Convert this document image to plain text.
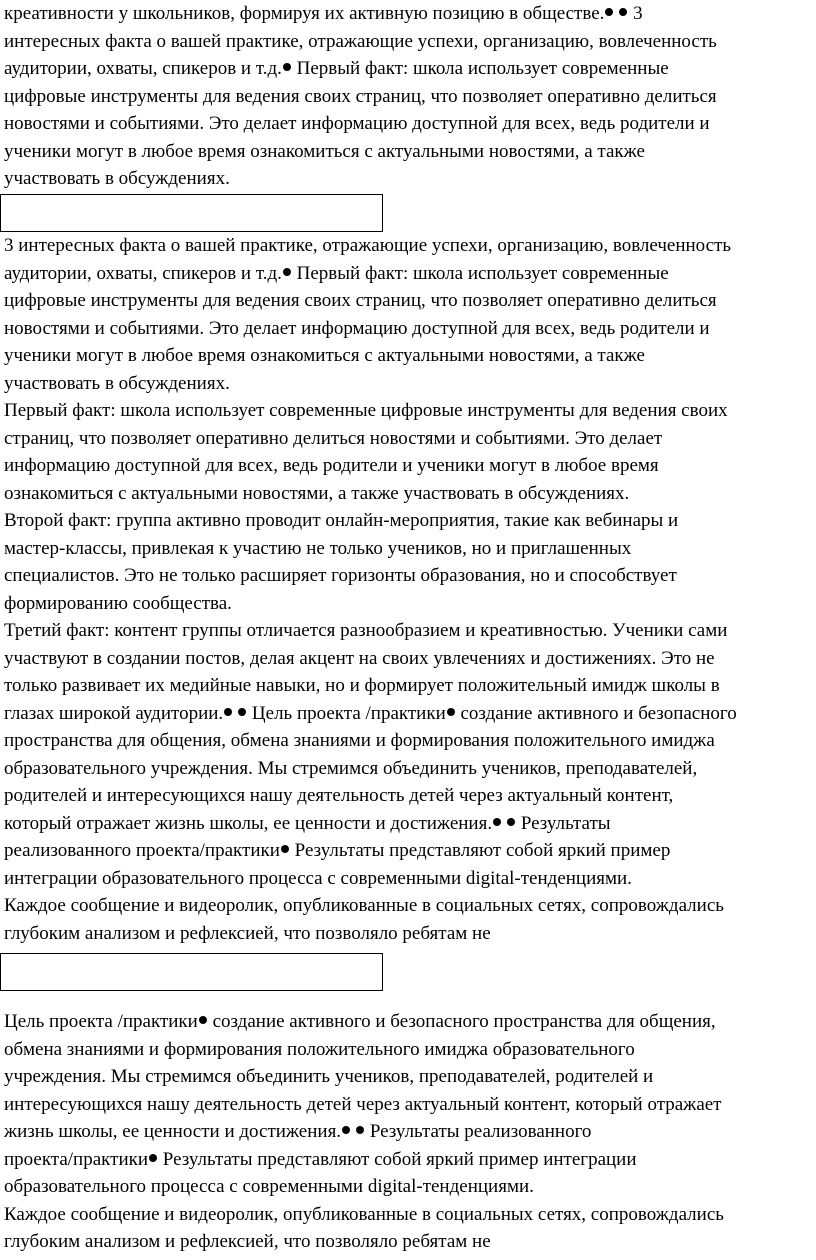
креативности у школьников, формируя их активную позицию в обществе. 3
интересных факта о вашей практике, отражающие успехи, организацию, вовлеченность
аудитории, охваты, спикеров и т.д. Первый факт: школа использует современные
цифровые инструменты для ведения своих страниц, что позволяет оперативно делиться
новостями и событиями. Это делает информацию доступной для всех, ведь родители и
ученики могут в любое время ознакомиться с актуальными новостями, а также
участвовать в обсуждениях.
3 интересных факта о вашей практике, отражающие успехи, организацию, вовлеченность
аудитории, охваты, спикеров и т.д. Первый факт: школа использует современные
цифровые инструменты для ведения своих страниц, что позволяет оперативно делиться
новостями и событиями. Это делает информацию доступной для всех, ведь родители и
ученики могут в любое время ознакомиться с актуальными новостями, а также
участвовать в обсуждениях.
Первый факт: школа использует современные цифровые инструменты для ведения своих
страниц, что позволяет оперативно делиться новостями и событиями. Это делает
информацию доступной для всех, ведь родители и ученики могут в любое время
ознакомиться с актуальными новостями, а также участвовать в обсуждениях.
Второй факт: группа активно проводит онлайн-мероприятия, такие как вебинары и
мастер-классы, привлекая к участию не только учеников, но и приглашенных
специалистов. Это не только расширяет горизонты образования, но и способствует
формированию сообщества.
Третий факт: контент группы отличается разнообразием и креативностью. Ученики сами
участвуют в создании постов, делая акцент на своих увлечениях и достижениях. Это не
только развивает их медийные навыки, но и формирует положительный имидж школы в
глазах широкой аудитории. Цель проекта /практики создание активного и безопасного
пространства для общения, обмена знаниями и формирования положительного имиджа
образовательного учреждения. Мы стремимся объединить учеников, преподавателей,
родителей и интересующихся нашу деятельность детей через актуальный контент,
который отражает жизнь школы, ее ценности и достижения. Результаты
реализованного проекта/практики Результаты представляют собой яркий пример
интеграции образовательного процесса с современными digital-тенденциями.
Каждое сообщение и видеоролик, опубликованные в социальных сетях, сопровождались
глубоким анализом и рефлексией, что позволяло ребятам не
Цель проекта /практики создание активного и безопасного пространства для общения,
обмена знаниями и формирования положительного имиджа образовательного
учреждения. Мы стремимся объединить учеников, преподавателей, родителей и
интересующихся нашу деятельность детей через актуальный контент, который отражает
жизнь школы, ее ценности и достижения. Результаты реализованного
проекта/практики Результаты представляют собой яркий пример интеграции
образовательного процесса с современными digital-тенденциями.
Каждое сообщение и видеоролик, опубликованные в социальных сетях, сопровождались
глубоким анализом и рефлексией, что позволяло ребятам не
